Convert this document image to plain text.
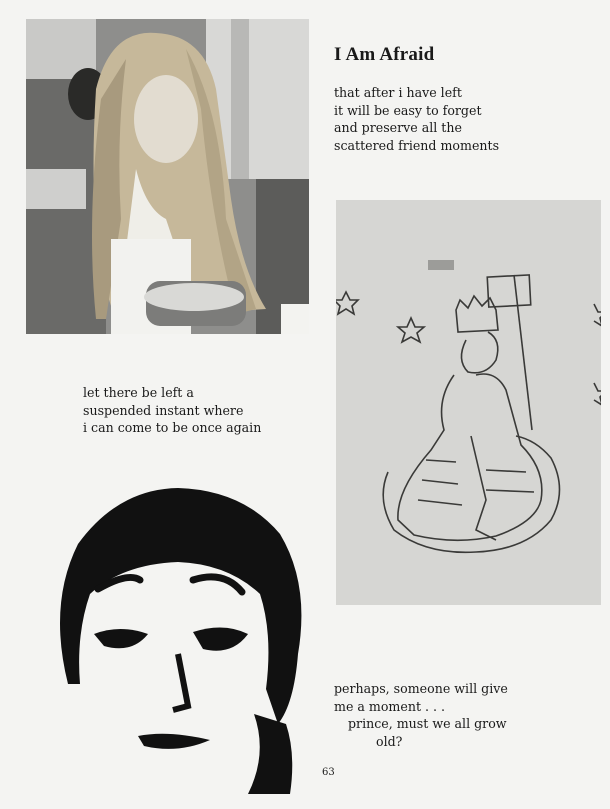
I Am Afraid
that after i have left
it will be easy to forget
and preserve all the
scattered friend moments
let there be left a
suspended instant where
i can come to be once again
perhaps, someone will give
me a moment . . .
prince, must we all grow
old?
63
